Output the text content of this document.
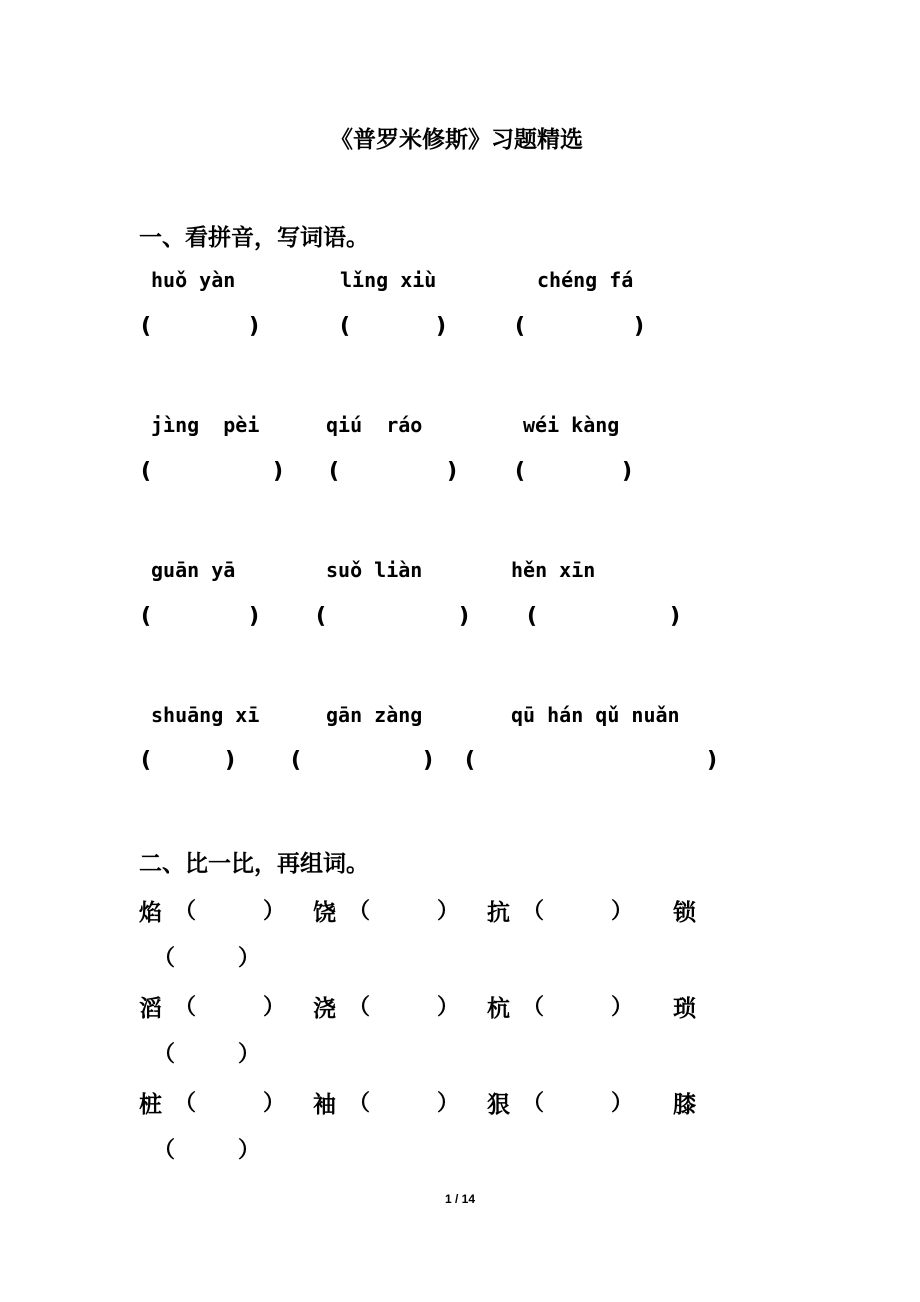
《普罗米修斯》习题精选
一、看拼音，写词语。
huǒ yàn	lǐng xiù	chéng fá
(	)	(	)	(	)
jìng  pèi	qiú  ráo	wéi kàng
(	) (	)	(	)
guān yā	suǒ liàn	hěn xīn
(	)	(	)	(	)
shuāng xī	gān zàng	qū hán qǔ nuǎn
(	)	(	) (	)
二、比一比，再组词。
焰 （	） 饶 （	） 抗 （	） 锁
（	）
滔 （	） 浇 （	） 杭 （	） 琐
（	）
桩 （	） 袖 （	） 狠 （	） 膝
（	）
1 / 14
